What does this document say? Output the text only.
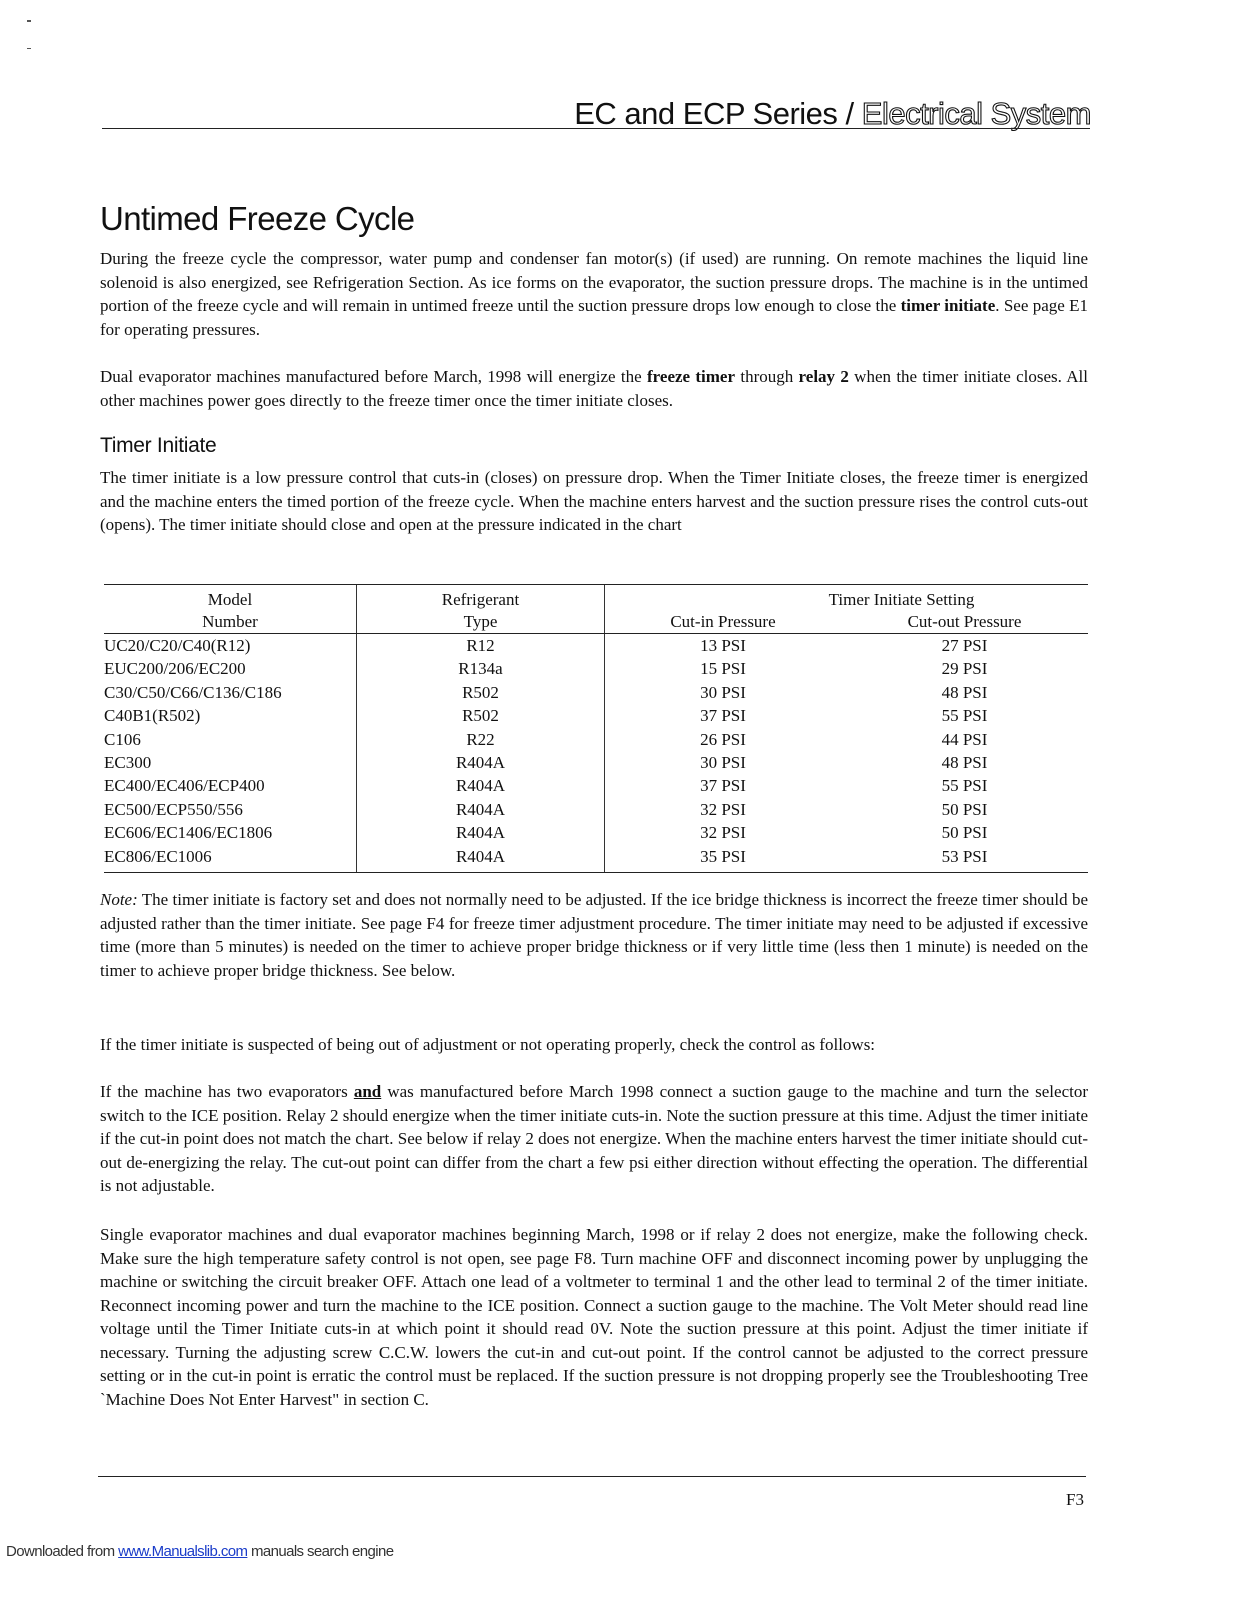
EC and ECP Series / Electrical System
Untimed Freeze Cycle
During the freeze cycle the compressor, water pump and condenser fan motor(s) (if used) are running. On remote machines the liquid line solenoid is also energized, see Refrigeration Section. As ice forms on the evaporator, the suction pressure drops. The machine is in the untimed portion of the freeze cycle and will remain in untimed freeze until the suction pressure drops low enough to close the timer initiate. See page E1 for operating pressures.
Dual evaporator machines manufactured before March, 1998 will energize the freeze timer through relay 2 when the timer initiate closes. All other machines power goes directly to the freeze timer once the timer initiate closes.
Timer Initiate
The timer initiate is a low pressure control that cuts-in (closes) on pressure drop. When the Timer Initiate closes, the freeze timer is energized and the machine enters the timed portion of the freeze cycle. When the machine enters harvest and the suction pressure rises the control cuts-out (opens). The timer initiate should close and open at the pressure indicated in the chart
Model	Refrigerant	Timer Initiate Setting	
Number	Type	Cut-in Pressure	Cut-out Pressure
UC20/C20/C40(R12)	R12	13 PSI	27 PSI
EUC200/206/EC200	R134a	15 PSI	29 PSI
C30/C50/C66/C136/C186	R502	30 PSI	48 PSI
C40B1(R502)	R502	37 PSI	55 PSI
C106	R22	26 PSI	44 PSI
EC300	R404A	30 PSI	48 PSI
EC400/EC406/ECP400	R404A	37 PSI	55 PSI
EC500/ECP550/556	R404A	32 PSI	50 PSI
EC606/EC1406/EC1806	R404A	32 PSI	50 PSI
EC806/EC1006	R404A	35 PSI	53 PSI
Note: The timer initiate is factory set and does not normally need to be adjusted. If the ice bridge thickness is incorrect the freeze timer should be adjusted rather than the timer initiate. See page F4 for freeze timer adjustment procedure. The timer initiate may need to be adjusted if excessive time (more than 5 minutes) is needed on the timer to achieve proper bridge thickness or if very little time (less then 1 minute) is needed on the timer to achieve proper bridge thickness. See below.
If the timer initiate is suspected of being out of adjustment or not operating properly, check the control as follows:
If the machine has two evaporators and was manufactured before March 1998 connect a suction gauge to the machine and turn the selector switch to the ICE position. Relay 2 should energize when the timer initiate cuts-in. Note the suction pressure at this time. Adjust the timer initiate if the cut-in point does not match the chart. See below if relay 2 does not energize. When the machine enters harvest the timer initiate should cut-out de-energizing the relay. The cut-out point can differ from the chart a few psi either direction without effecting the operation. The differential is not adjustable.
Single evaporator machines and dual evaporator machines beginning March, 1998 or if relay 2 does not energize, make the following check. Make sure the high temperature safety control is not open, see page F8. Turn machine OFF and disconnect incoming power by unplugging the machine or switching the circuit breaker OFF. Attach one lead of a voltmeter to terminal 1 and the other lead to terminal 2 of the timer initiate. Reconnect incoming power and turn the machine to the ICE position. Connect a suction gauge to the machine. The Volt Meter should read line voltage until the Timer Initiate cuts-in at which point it should read 0V. Note the suction pressure at this point. Adjust the timer initiate if necessary. Turning the adjusting screw C.C.W. lowers the cut-in and cut-out point. If the control cannot be adjusted to the correct pressure setting or in the cut-in point is erratic the control must be replaced. If the suction pressure is not dropping properly see the Troubleshooting Tree `Machine Does Not Enter Harvest" in section C.
F3
Downloaded from www.Manualslib.com manuals search engine
